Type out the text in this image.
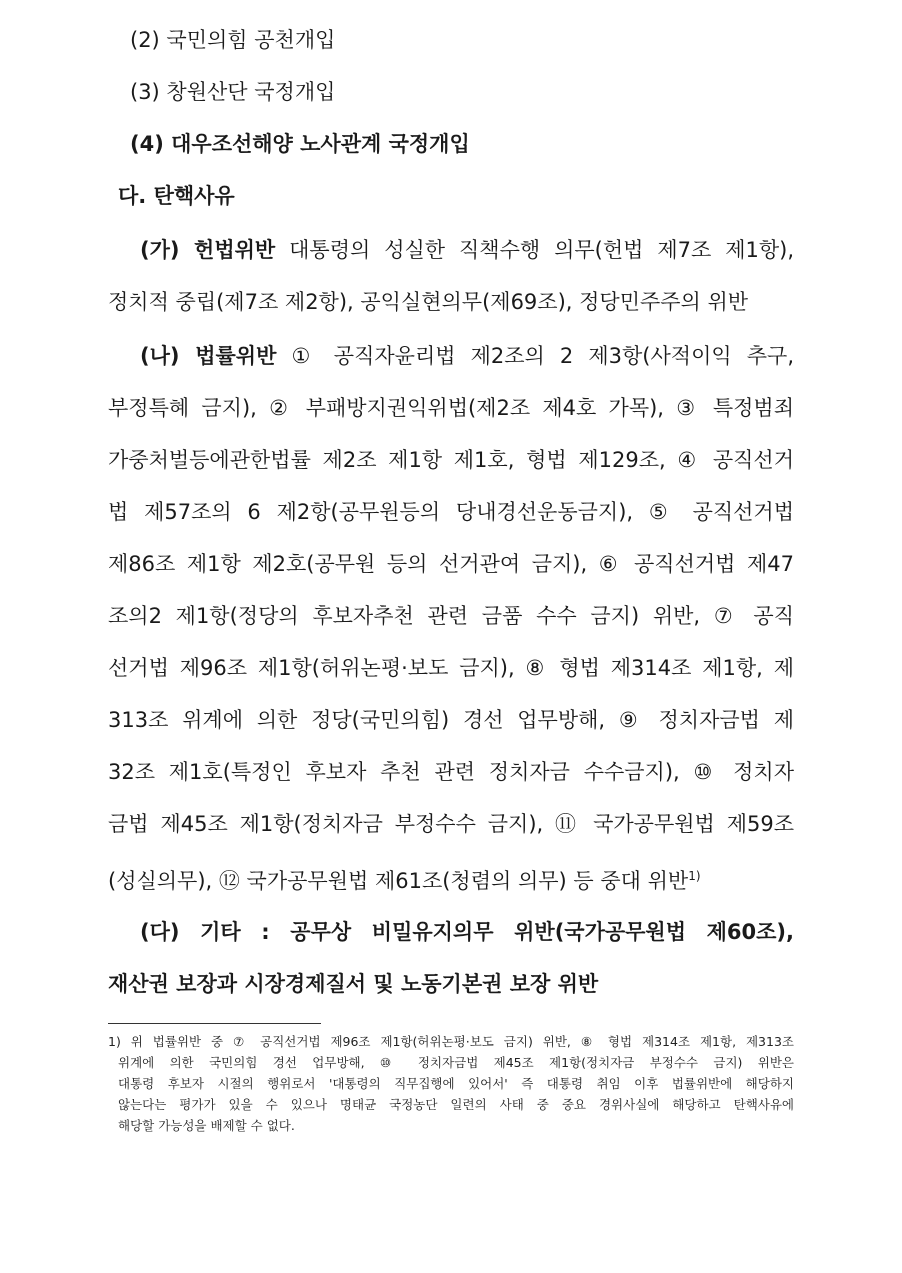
(2) 국민의힘 공천개입
(3) 창원산단 국정개입
(4) 대우조선해양 노사관계 국정개입
다. 탄핵사유
(가) 헌법위반 대통령의 성실한 직책수행 의무(헌법 제7조 제1항),
정치적 중립(제7조 제2항), 공익실현의무(제69조), 정당민주주의 위반
(나) 법률위반 ① 공직자윤리법 제2조의 2 제3항(사적이익 추구,
부정특혜 금지), ② 부패방지권익위법(제2조 제4호 가목), ③ 특정범죄
가중처벌등에관한법률 제2조 제1항 제1호, 형법 제129조, ④ 공직선거
법 제57조의 6 제2항(공무원등의 당내경선운동금지), ⑤ 공직선거법
제86조 제1항 제2호(공무원 등의 선거관여 금지), ⑥ 공직선거법 제47
조의2 제1항(정당의 후보자추천 관련 금품 수수 금지) 위반, ⑦ 공직
선거법 제96조 제1항(허위논평·보도 금지), ⑧ 형법 제314조 제1항, 제
313조 위계에 의한 정당(국민의힘) 경선 업무방해, ⑨ 정치자금법 제
32조 제1호(특정인 후보자 추천 관련 정치자금 수수금지), ⑩ 정치자
금법 제45조 제1항(정치자금 부정수수 금지), ⑪ 국가공무원법 제59조
(성실의무), ⑫ 국가공무원법 제61조(청렴의 의무) 등 중대 위반$^{1)}$
(다) 기타 : 공무상 비밀유지의무 위반(국가공무원법 제60조),
재산권 보장과 시장경제질서 및 노동기본권 보장 위반
1) 위 법률위반 중 ⑦ 공직선거법 제96조 제1항(허위논평·보도 금지) 위반, ⑧ 형법 제314조 제1항, 제313조
위계에 의한 국민의힘 경선 업무방해, ⑩ 정치자금법 제45조 제1항(정치자금 부정수수 금지) 위반은
대통령 후보자 시절의 행위로서 '대통령의 직무집행에 있어서' 즉 대통령 취임 이후 법률위반에 해당하지
않는다는 평가가 있을 수 있으나 명태균 국정농단 일련의 사태 중 중요 경위사실에 해당하고 탄핵사유에
해당할 가능성을 배제할 수 없다.
